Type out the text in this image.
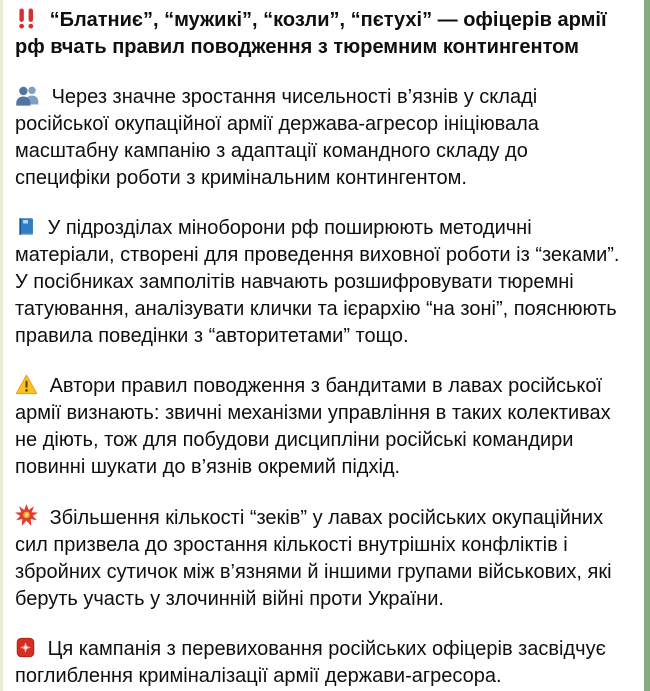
“Блатниє”, “мужикі”, “козли”, “пєтухі” — офіцерів армії рф вчать правил поводження з тюремним контингентом
Через значне зростання чисельності в’язнів у складі російської окупаційної армії держава-агресор ініціювала масштабну кампанію з адаптації командного складу до специфіки роботи з кримінальним контингентом.
У підрозділах міноборони рф поширюють методичні матеріали, створені для проведення виховної роботи із “зеками”. У посібниках замполітів навчають розшифровувати тюремні татуювання, аналізувати клички та ієрархію “на зоні”, пояснюють правила поведінки з “авторитетами” тощо.
Автори правил поводження з бандитами в лавах російської армії визнають: звичні механізми управління в таких колективах не діють, тож для побудови дисципліни російські командири повинні шукати до в’язнів окремий підхід.
Збільшення кількості “зеків” у лавах російських окупаційних сил призвела до зростання кількості внутрішніх конфліктів і збройних сутичок між в’язнями й іншими групами військових, які беруть участь у злочинній війні проти України.
Ця кампанія з перевиховання російських офіцерів засвідчує поглиблення криміналізації армії держави-агресора.
